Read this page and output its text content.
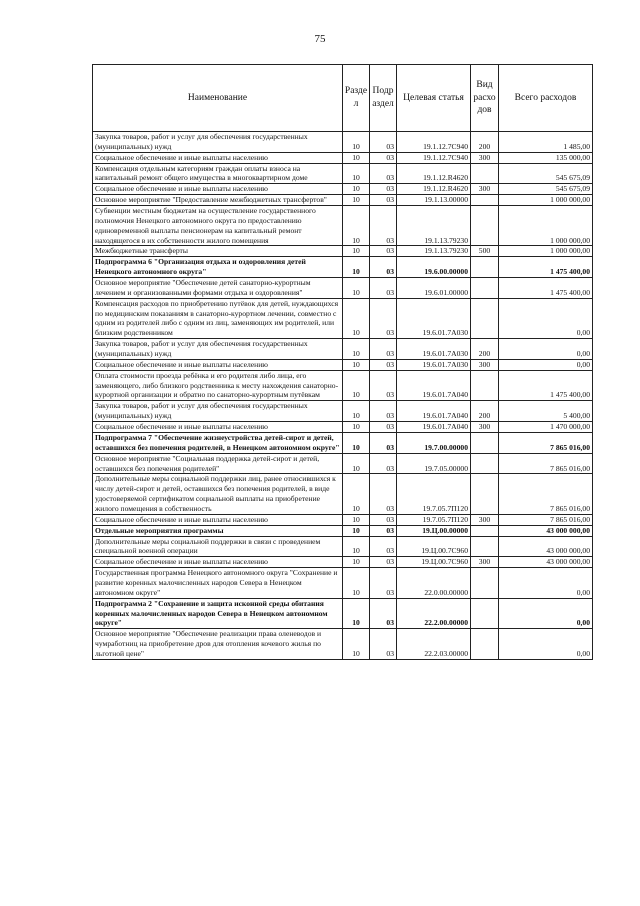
75
Наименование	Разде л	Подр аздел	Целевая статья	Вид расхо дов	Всего расходов
Закупка товаров, работ и услуг для обеспечения государственных (муниципальных) нужд	10	03	19.1.12.7С940	200	1 485,00
Социальное обеспечение и иные выплаты населению	10	03	19.1.12.7С940	300	135 000,00
Компенсация отдельным категориям граждан оплаты взноса на капитальный ремонт общего имущества в многоквартирном доме	10	03	19.1.12.R4620		545 675,09
Социальное обеспечение и иные выплаты населению	10	03	19.1.12.R4620	300	545 675,09
Основное мероприятие "Предоставление межбюджетных трансфертов"	10	03	19.1.13.00000		1 000 000,00
Субвенции местным бюджетам на осуществление государственного полномочия Ненецкого автономного округа по предоставлению единовременной выплаты пенсионерам на капитальный ремонт находящегося в их собственности жилого помещения	10	03	19.1.13.79230		1 000 000,00
Межбюджетные трансферты	10	03	19.1.13.79230	500	1 000 000,00
Подпрограмма 6 "Организация отдыха и оздоровления детей Ненецкого автономного округа"	10	03	19.6.00.00000		1 475 400,00
Основное мероприятие "Обеспечение детей санаторно-курортным лечением и организованными формами отдыха и оздоровления"	10	03	19.6.01.00000		1 475 400,00
Компенсация расходов по приобретению путёвок для детей, нуждающихся по медицинским показаниям в санаторно-курортном лечении, совместно с одним из родителей либо с одним из лиц, заменяющих им родителей, или близким родственником	10	03	19.6.01.7А030		0,00
Закупка товаров, работ и услуг для обеспечения государственных (муниципальных) нужд	10	03	19.6.01.7А030	200	0,00
Социальное обеспечение и иные выплаты населению	10	03	19.6.01.7А030	300	0,00
Оплата стоимости проезда ребёнка и его родителя либо лица, его заменяющего, либо близкого родственника к месту нахождения санаторно-курортной организации и обратно по санаторно-курортным путёвкам	10	03	19.6.01.7А040		1 475 400,00
Закупка товаров, работ и услуг для обеспечения государственных (муниципальных) нужд	10	03	19.6.01.7А040	200	5 400,00
Социальное обеспечение и иные выплаты населению	10	03	19.6.01.7А040	300	1 470 000,00
Подпрограмма 7 "Обеспечение жизнеустройства детей-сирот и детей, оставшихся без попечения родителей, в Ненецком автономном округе"	10	03	19.7.00.00000		7 865 016,00
Основное мероприятие "Социальная поддержка детей-сирот и детей, оставшихся без попечения родителей"	10	03	19.7.05.00000		7 865 016,00
Дополнительные меры социальной поддержки лиц, ранее относившихся к числу детей-сирот и детей, оставшихся без попечения родителей, в виде удостоверяемой сертификатом социальной выплаты на приобретение жилого помещения в собственность	10	03	19.7.05.7П120		7 865 016,00
Социальное обеспечение и иные выплаты населению	10	03	19.7.05.7П120	300	7 865 016,00
Отдельные мероприятия программы	10	03	19.Ц.00.00000		43 000 000,00
Дополнительные меры социальной поддержки в связи с проведением специальной военной операции	10	03	19.Ц.00.7С960		43 000 000,00
Социальное обеспечение и иные выплаты населению	10	03	19.Ц.00.7С960	300	43 000 000,00
Государственная программа Ненецкого автономного округа "Сохранение и развитие коренных малочисленных народов Севера в Ненецком автономном округе"	10	03	22.0.00.00000		0,00
Подпрограмма 2 "Сохранение и защита исконной среды обитания коренных малочисленных народов Севера в Ненецком автономном округе"	10	03	22.2.00.00000		0,00
Основное мероприятие "Обеспечение реализации права оленеводов и чумработниц на приобретение дров для отопления кочевого жилья по льготной цене"	10	03	22.2.03.00000		0,00
